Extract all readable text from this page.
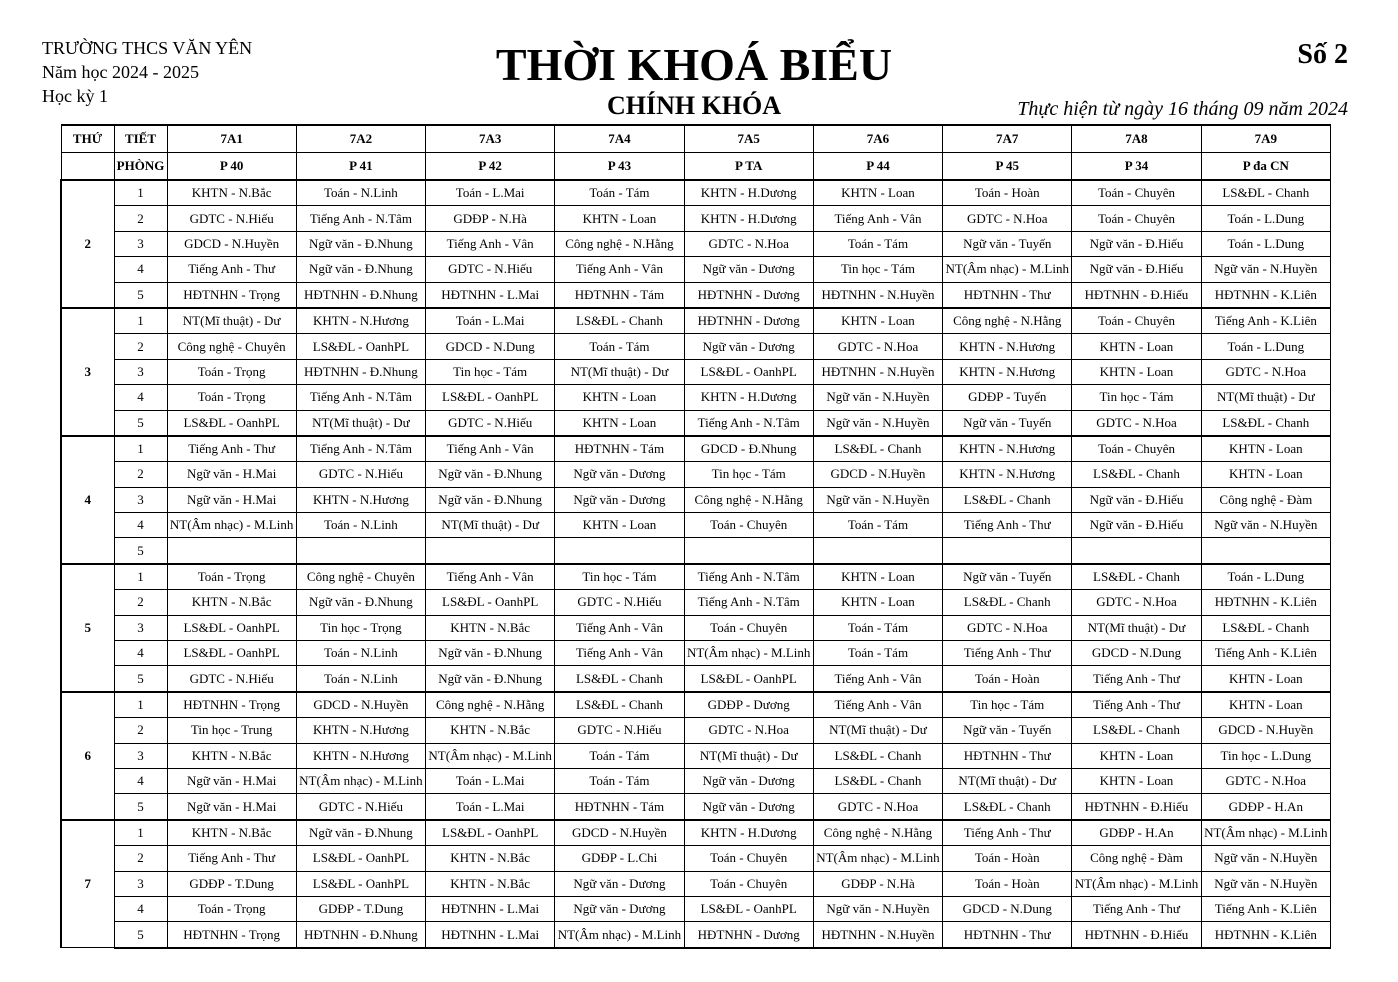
TRƯỜNG THCS VĂN YÊN
Năm học 2024 - 2025
Học kỳ 1
THỜI KHOÁ BIỂU
CHÍNH KHÓA
Số 2
Thực hiện từ ngày 16 tháng 09 năm 2024
THỨ	TIẾT	7A1	7A2	7A3	7A4	7A5	7A6	7A7	7A8	7A9
	PHÒNG	P 40	P 41	P 42	P 43	P TA	P 44	P 45	P 34	P đa CN
2	1	KHTN - N.Bắc	Toán - N.Linh	Toán - L.Mai	Toán - Tám	KHTN - H.Dương	KHTN - Loan	Toán - Hoàn	Toán - Chuyên	LS&ĐL - Chanh
	2	GDTC - N.Hiếu	Tiếng Anh - N.Tâm	GDĐP - N.Hà	KHTN - Loan	KHTN - H.Dương	Tiếng Anh - Vân	GDTC - N.Hoa	Toán - Chuyên	Toán - L.Dung
	3	GDCD - N.Huyền	Ngữ văn - Đ.Nhung	Tiếng Anh - Vân	Công nghệ - N.Hằng	GDTC - N.Hoa	Toán - Tám	Ngữ văn - Tuyến	Ngữ văn - Đ.Hiếu	Toán - L.Dung
	4	Tiếng Anh - Thư	Ngữ văn - Đ.Nhung	GDTC - N.Hiếu	Tiếng Anh - Vân	Ngữ văn - Dương	Tin học - Tám	NT(Âm nhạc) - M.Linh	Ngữ văn - Đ.Hiếu	Ngữ văn - N.Huyền
	5	HĐTNHN - Trọng	HĐTNHN - Đ.Nhung	HĐTNHN - L.Mai	HĐTNHN - Tám	HĐTNHN - Dương	HĐTNHN - N.Huyền	HĐTNHN - Thư	HĐTNHN - Đ.Hiếu	HĐTNHN - K.Liên
3	1	NT(Mĩ thuật) - Dư	KHTN - N.Hương	Toán - L.Mai	LS&ĐL - Chanh	HĐTNHN - Dương	KHTN - Loan	Công nghệ - N.Hằng	Toán - Chuyên	Tiếng Anh - K.Liên
	2	Công nghệ - Chuyên	LS&ĐL - OanhPL	GDCD - N.Dung	Toán - Tám	Ngữ văn - Dương	GDTC - N.Hoa	KHTN - N.Hương	KHTN - Loan	Toán - L.Dung
	3	Toán - Trọng	HĐTNHN - Đ.Nhung	Tin học - Tám	NT(Mĩ thuật) - Dư	LS&ĐL - OanhPL	HĐTNHN - N.Huyền	KHTN - N.Hương	KHTN - Loan	GDTC - N.Hoa
	4	Toán - Trọng	Tiếng Anh - N.Tâm	LS&ĐL - OanhPL	KHTN - Loan	KHTN - H.Dương	Ngữ văn - N.Huyền	GDĐP - Tuyến	Tin học - Tám	NT(Mĩ thuật) - Dư
	5	LS&ĐL - OanhPL	NT(Mĩ thuật) - Dư	GDTC - N.Hiếu	KHTN - Loan	Tiếng Anh - N.Tâm	Ngữ văn - N.Huyền	Ngữ văn - Tuyến	GDTC - N.Hoa	LS&ĐL - Chanh
4	1	Tiếng Anh - Thư	Tiếng Anh - N.Tâm	Tiếng Anh - Vân	HĐTNHN - Tám	GDCD - Đ.Nhung	LS&ĐL - Chanh	KHTN - N.Hương	Toán - Chuyên	KHTN - Loan
	2	Ngữ văn - H.Mai	GDTC - N.Hiếu	Ngữ văn - Đ.Nhung	Ngữ văn - Dương	Tin học - Tám	GDCD - N.Huyền	KHTN - N.Hương	LS&ĐL - Chanh	KHTN - Loan
	3	Ngữ văn - H.Mai	KHTN - N.Hương	Ngữ văn - Đ.Nhung	Ngữ văn - Dương	Công nghệ - N.Hằng	Ngữ văn - N.Huyền	LS&ĐL - Chanh	Ngữ văn - Đ.Hiếu	Công nghệ - Đàm
	4	NT(Âm nhạc) - M.Linh	Toán - N.Linh	NT(Mĩ thuật) - Dư	KHTN - Loan	Toán - Chuyên	Toán - Tám	Tiếng Anh - Thư	Ngữ văn - Đ.Hiếu	Ngữ văn - N.Huyền
	5									
5	1	Toán - Trọng	Công nghệ - Chuyên	Tiếng Anh - Vân	Tin học - Tám	Tiếng Anh - N.Tâm	KHTN - Loan	Ngữ văn - Tuyến	LS&ĐL - Chanh	Toán - L.Dung
	2	KHTN - N.Bắc	Ngữ văn - Đ.Nhung	LS&ĐL - OanhPL	GDTC - N.Hiếu	Tiếng Anh - N.Tâm	KHTN - Loan	LS&ĐL - Chanh	GDTC - N.Hoa	HĐTNHN - K.Liên
	3	LS&ĐL - OanhPL	Tin học - Trọng	KHTN - N.Bắc	Tiếng Anh - Vân	Toán - Chuyên	Toán - Tám	GDTC - N.Hoa	NT(Mĩ thuật) - Dư	LS&ĐL - Chanh
	4	LS&ĐL - OanhPL	Toán - N.Linh	Ngữ văn - Đ.Nhung	Tiếng Anh - Vân	NT(Âm nhạc) - M.Linh	Toán - Tám	Tiếng Anh - Thư	GDCD - N.Dung	Tiếng Anh - K.Liên
	5	GDTC - N.Hiếu	Toán - N.Linh	Ngữ văn - Đ.Nhung	LS&ĐL - Chanh	LS&ĐL - OanhPL	Tiếng Anh - Vân	Toán - Hoàn	Tiếng Anh - Thư	KHTN - Loan
6	1	HĐTNHN - Trọng	GDCD - N.Huyền	Công nghệ - N.Hằng	LS&ĐL - Chanh	GDĐP - Dương	Tiếng Anh - Vân	Tin học - Tám	Tiếng Anh - Thư	KHTN - Loan
	2	Tin học - Trung	KHTN - N.Hương	KHTN - N.Bắc	GDTC - N.Hiếu	GDTC - N.Hoa	NT(Mĩ thuật) - Dư	Ngữ văn - Tuyến	LS&ĐL - Chanh	GDCD - N.Huyền
	3	KHTN - N.Bắc	KHTN - N.Hương	NT(Âm nhạc) - M.Linh	Toán - Tám	NT(Mĩ thuật) - Dư	LS&ĐL - Chanh	HĐTNHN - Thư	KHTN - Loan	Tin học - L.Dung
	4	Ngữ văn - H.Mai	NT(Âm nhạc) - M.Linh	Toán - L.Mai	Toán - Tám	Ngữ văn - Dương	LS&ĐL - Chanh	NT(Mĩ thuật) - Dư	KHTN - Loan	GDTC - N.Hoa
	5	Ngữ văn - H.Mai	GDTC - N.Hiếu	Toán - L.Mai	HĐTNHN - Tám	Ngữ văn - Dương	GDTC - N.Hoa	LS&ĐL - Chanh	HĐTNHN - Đ.Hiếu	GDĐP - H.An
7	1	KHTN - N.Bắc	Ngữ văn - Đ.Nhung	LS&ĐL - OanhPL	GDCD - N.Huyền	KHTN - H.Dương	Công nghệ - N.Hằng	Tiếng Anh - Thư	GDĐP - H.An	NT(Âm nhạc) - M.Linh
	2	Tiếng Anh - Thư	LS&ĐL - OanhPL	KHTN - N.Bắc	GDĐP - L.Chi	Toán - Chuyên	NT(Âm nhạc) - M.Linh	Toán - Hoàn	Công nghệ - Đàm	Ngữ văn - N.Huyền
	3	GDĐP - T.Dung	LS&ĐL - OanhPL	KHTN - N.Bắc	Ngữ văn - Dương	Toán - Chuyên	GDĐP - N.Hà	Toán - Hoàn	NT(Âm nhạc) - M.Linh	Ngữ văn - N.Huyền
	4	Toán - Trọng	GDĐP - T.Dung	HĐTNHN - L.Mai	Ngữ văn - Dương	LS&ĐL - OanhPL	Ngữ văn - N.Huyền	GDCD - N.Dung	Tiếng Anh - Thư	Tiếng Anh - K.Liên
	5	HĐTNHN - Trọng	HĐTNHN - Đ.Nhung	HĐTNHN - L.Mai	NT(Âm nhạc) - M.Linh	HĐTNHN - Dương	HĐTNHN - N.Huyền	HĐTNHN - Thư	HĐTNHN - Đ.Hiếu	HĐTNHN - K.Liên
